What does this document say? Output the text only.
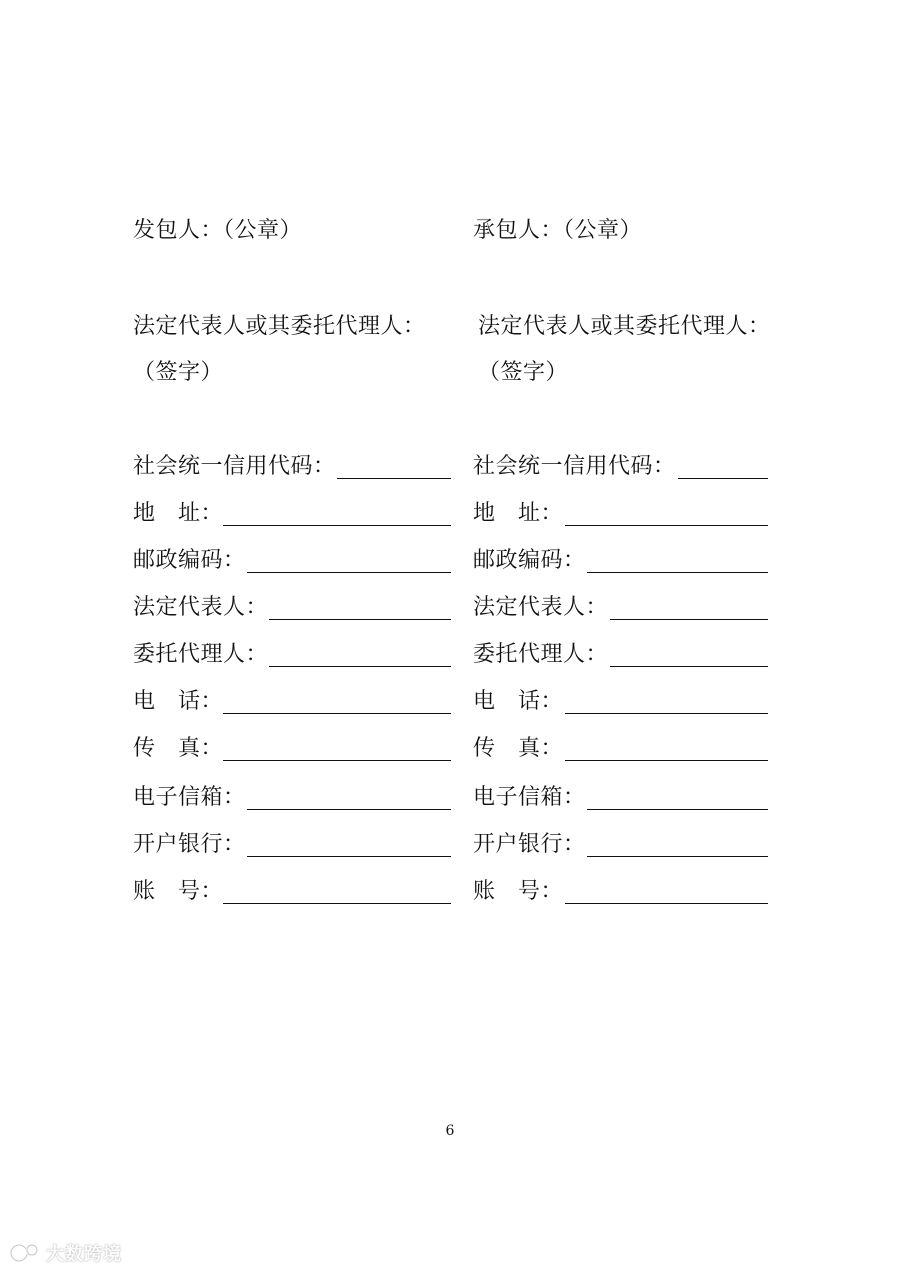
发包人：（公章）	承包人：（公章）
法定代表人或其委托代理人：
（签字）
法定代表人或其委托代理人：
（签字）
社会统一信用代码：
地　址：
邮政编码：
法定代表人：
委托代理人：
电　话：
传　真：
电子信箱：
开户银行：
账　号：
社会统一信用代码：
地　址：
邮政编码：
法定代表人：
委托代理人：
电　话：
传　真：
电子信箱：
开户银行：
账　号：
6
大数跨境
